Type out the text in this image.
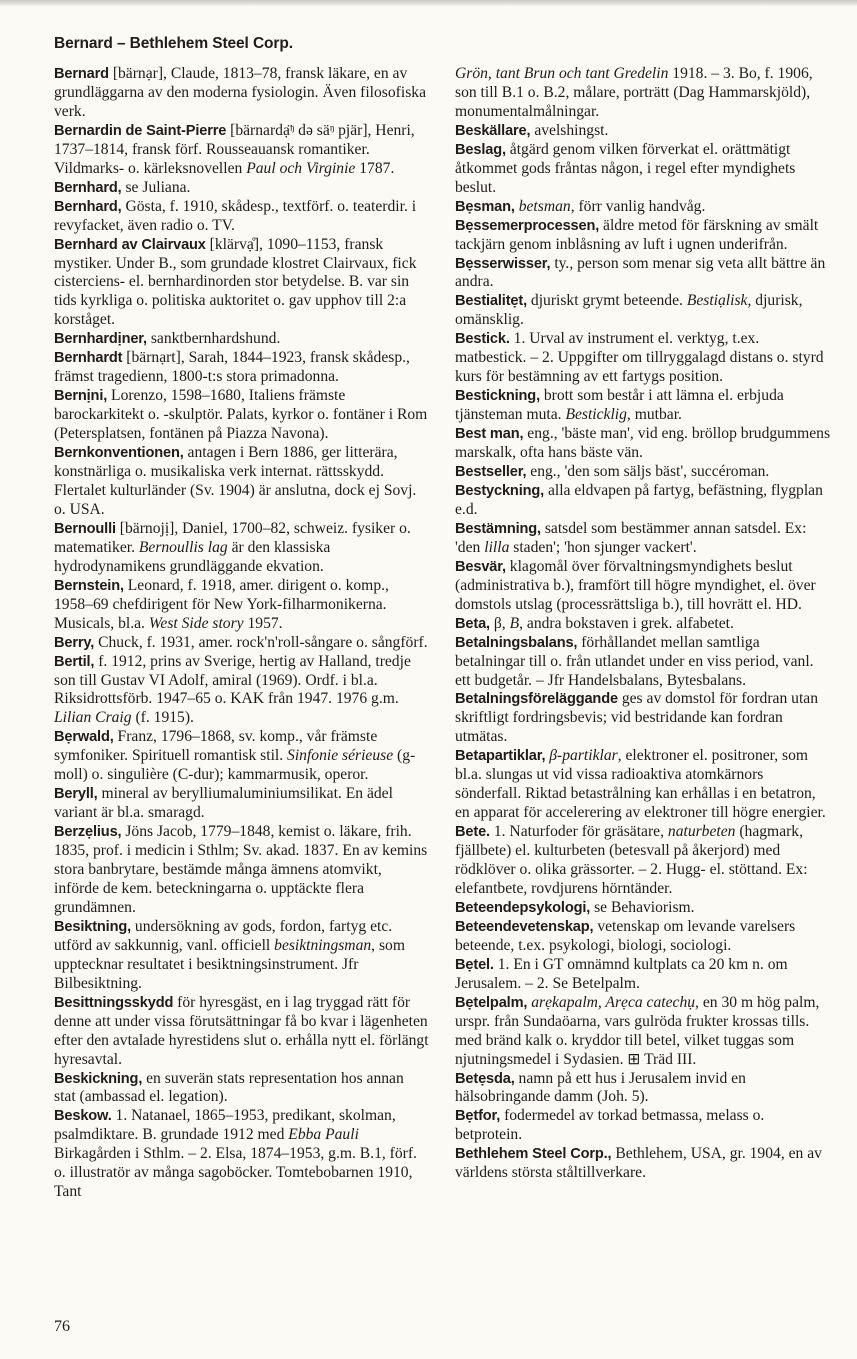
Bernard – Bethlehem Steel Corp.

Bernard [bärnạr], Claude, 1813–78, fransk läkare, en av grundläggarna av den moderna fysiologin. Även filosofiska verk.

Bernardin de Saint-Pierre [bärnardạ̈ᵑ də säᵑ pjär], Henri, 1737–1814, fransk förf. Rousseauansk romantiker. Vildmarks- o. kärleksnovellen Paul och Virginie 1787.

Bernhard, se Juliana.

Bernhard, Gösta, f. 1910, skådesp., textförf. o. teaterdir. i revyfacket, även radio o. TV.

Bernhard av Clairvaux [klärvạ̊], 1090–1153, fransk mystiker. Under B., som grundade klostret Clairvaux, fick cisterciens- el. bernhardinorden stor betydelse. B. var sin tids kyrkliga o. politiska auktoritet o. gav upphov till 2:a korståget.

Bernhardịner, sanktbernhardshund.

Bernhardt [bärnạrt], Sarah, 1844–1923, fransk skådesp., främst tragedienn, 1800-t:s stora primadonna.

Bernịni, Lorenzo, 1598–1680, Italiens främste barockarkitekt o. -skulptör. Palats, kyrkor o. fontäner i Rom (Petersplatsen, fontänen på Piazza Navona).

Bernkonventionen, antagen i Bern 1886, ger litterära, konstnärliga o. musikaliska verk internat. rättsskydd. Flertalet kulturländer (Sv. 1904) är anslutna, dock ej Sovj. o. USA.

Bernoulli [bärnojị], Daniel, 1700–82, schweiz. fysiker o. matematiker. Bernoullis lag är den klassiska hydrodynamikens grundläggande ekvation.

Bernstein, Leonard, f. 1918, amer. dirigent o. komp., 1958–69 chefdirigent för New York-filharmonikerna. Musicals, bl.a. West Side story 1957.

Berry, Chuck, f. 1931, amer. rock'n'roll-sångare o. sångförf.

Bertil, f. 1912, prins av Sverige, hertig av Halland, tredje son till Gustav VI Adolf, amiral (1969). Ordf. i bl.a. Riksidrottsförb. 1947–65 o. KAK från 1947. 1976 g.m. Lilian Craig (f. 1915).

Bẹrwald, Franz, 1796–1868, sv. komp., vår främste symfoniker. Spirituell romantisk stil. Sinfonie sérieuse (g-moll) o. singulière (C-dur); kammarmusik, operor.

Beryll, mineral av berylliumaluminiumsilikat. En ädel variant är bl.a. smaragd.

Berzẹlius, Jöns Jacob, 1779–1848, kemist o. läkare, frih. 1835, prof. i medicin i Sthlm; Sv. akad. 1837. En av kemins stora banbrytare, bestämde många ämnens atomvikt, införde de kem. beteckningarna o. upptäckte flera grundämnen.

Besiktning, undersökning av gods, fordon, fartyg etc. utförd av sakkunnig, vanl. officiell besiktningsman, som upptecknar resultatet i besiktningsinstrument. Jfr Bilbesiktning.

Besittningsskydd för hyresgäst, en i lag tryggad rätt för denne att under vissa förutsättningar få bo kvar i lägenheten efter den avtalade hyrestidens slut o. erhålla nytt el. förlängt hyresavtal.

Beskickning, en suverän stats representation hos annan stat (ambassad el. legation).

Beskow. 1. Natanael, 1865–1953, predikant, skolman, psalmdiktare. B. grundade 1912 med Ebba Pauli Birkagården i Sthlm. – 2. Elsa, 1874–1953, g.m. B.1, förf. o. illustratör av många sagoböcker. Tomtebobarnen 1910, Tant

Grön, tant Brun och tant Gredelin 1918. – 3. Bo, f. 1906, son till B.1 o. B.2, målare, porträtt (Dag Hammarskjöld), monumentalmålningar.

Beskällare, avelshingst.

Beslag, åtgärd genom vilken förverkat el. orättmätigt åtkommet gods fråntas någon, i regel efter myndighets beslut.

Bẹsman, betsman, förr vanlig handvåg.

Bẹssemerprocessen, äldre metod för färskning av smält tackjärn genom inblåsning av luft i ugnen underifrån.

Bẹsserwisser, ty., person som menar sig veta allt bättre än andra.

Bestialitẹt, djuriskt grymt beteende. Bestiạlisk, djurisk, omänsklig.

Bestick. 1. Urval av instrument el. verktyg, t.ex. matbestick. – 2. Uppgifter om tillryggalagd distans o. styrd kurs för bestämning av ett fartygs position.

Bestickning, brott som består i att lämna el. erbjuda tjänsteman muta. Besticklig, mutbar.

Best man, eng., 'bäste man', vid eng. bröllop brudgummens marskalk, ofta hans bäste vän.

Bestseller, eng., 'den som säljs bäst', succéroman.

Bestyckning, alla eldvapen på fartyg, befästning, flygplan e.d.

Bestämning, satsdel som bestämmer annan satsdel. Ex: 'den lilla staden'; 'hon sjunger vackert'.

Besvär, klagomål över förvaltningsmyndighets beslut (administrativa b.), framfört till högre myndighet, el. över domstols utslag (processrättsliga b.), till hovrätt el. HD.

Beta, β, B, andra bokstaven i grek. alfabetet.

Betalningsbalans, förhållandet mellan samtliga betalningar till o. från utlandet under en viss period, vanl. ett budgetår. – Jfr Handelsbalans, Bytesbalans.

Betalningsföreläggande ges av domstol för fordran utan skriftligt fordringsbevis; vid bestridande kan fordran utmätas.

Betapartiklar, β-partiklar, elektroner el. positroner, som bl.a. slungas ut vid vissa radioaktiva atomkärnors sönderfall. Riktad betastrålning kan erhållas i en betatron, en apparat för accelerering av elektroner till högre energier.

Bete. 1. Naturfoder för gräsätare, naturbeten (hagmark, fjällbete) el. kulturbeten (betesvall på åkerjord) med rödklöver o. olika grässorter. – 2. Hugg- el. stöttand. Ex: elefantbete, rovdjurens hörntänder.

Beteendepsykologi, se Behaviorism.

Beteendevetenskap, vetenskap om levande varelsers beteende, t.ex. psykologi, biologi, sociologi.

Bẹtel. 1. En i GT omnämnd kultplats ca 20 km n. om Jerusalem. – 2. Se Betelpalm.

Bẹtelpalm, arẹkapalm, Arẹca catechụ, en 30 m hög palm, urspr. från Sundaöarna, vars gulröda frukter krossas tills. med bränd kalk o. kryddor till betel, vilket tuggas som njutningsmedel i Sydasien. ⊞ Träd III.

Betẹsda, namn på ett hus i Jerusalem invid en hälsobringande damm (Joh. 5).

Bẹtfor, fodermedel av torkad betmassa, melass o. betprotein.

Bethlehem Steel Corp., Bethlehem, USA, gr. 1904, en av världens största ståltillverkare.

76
